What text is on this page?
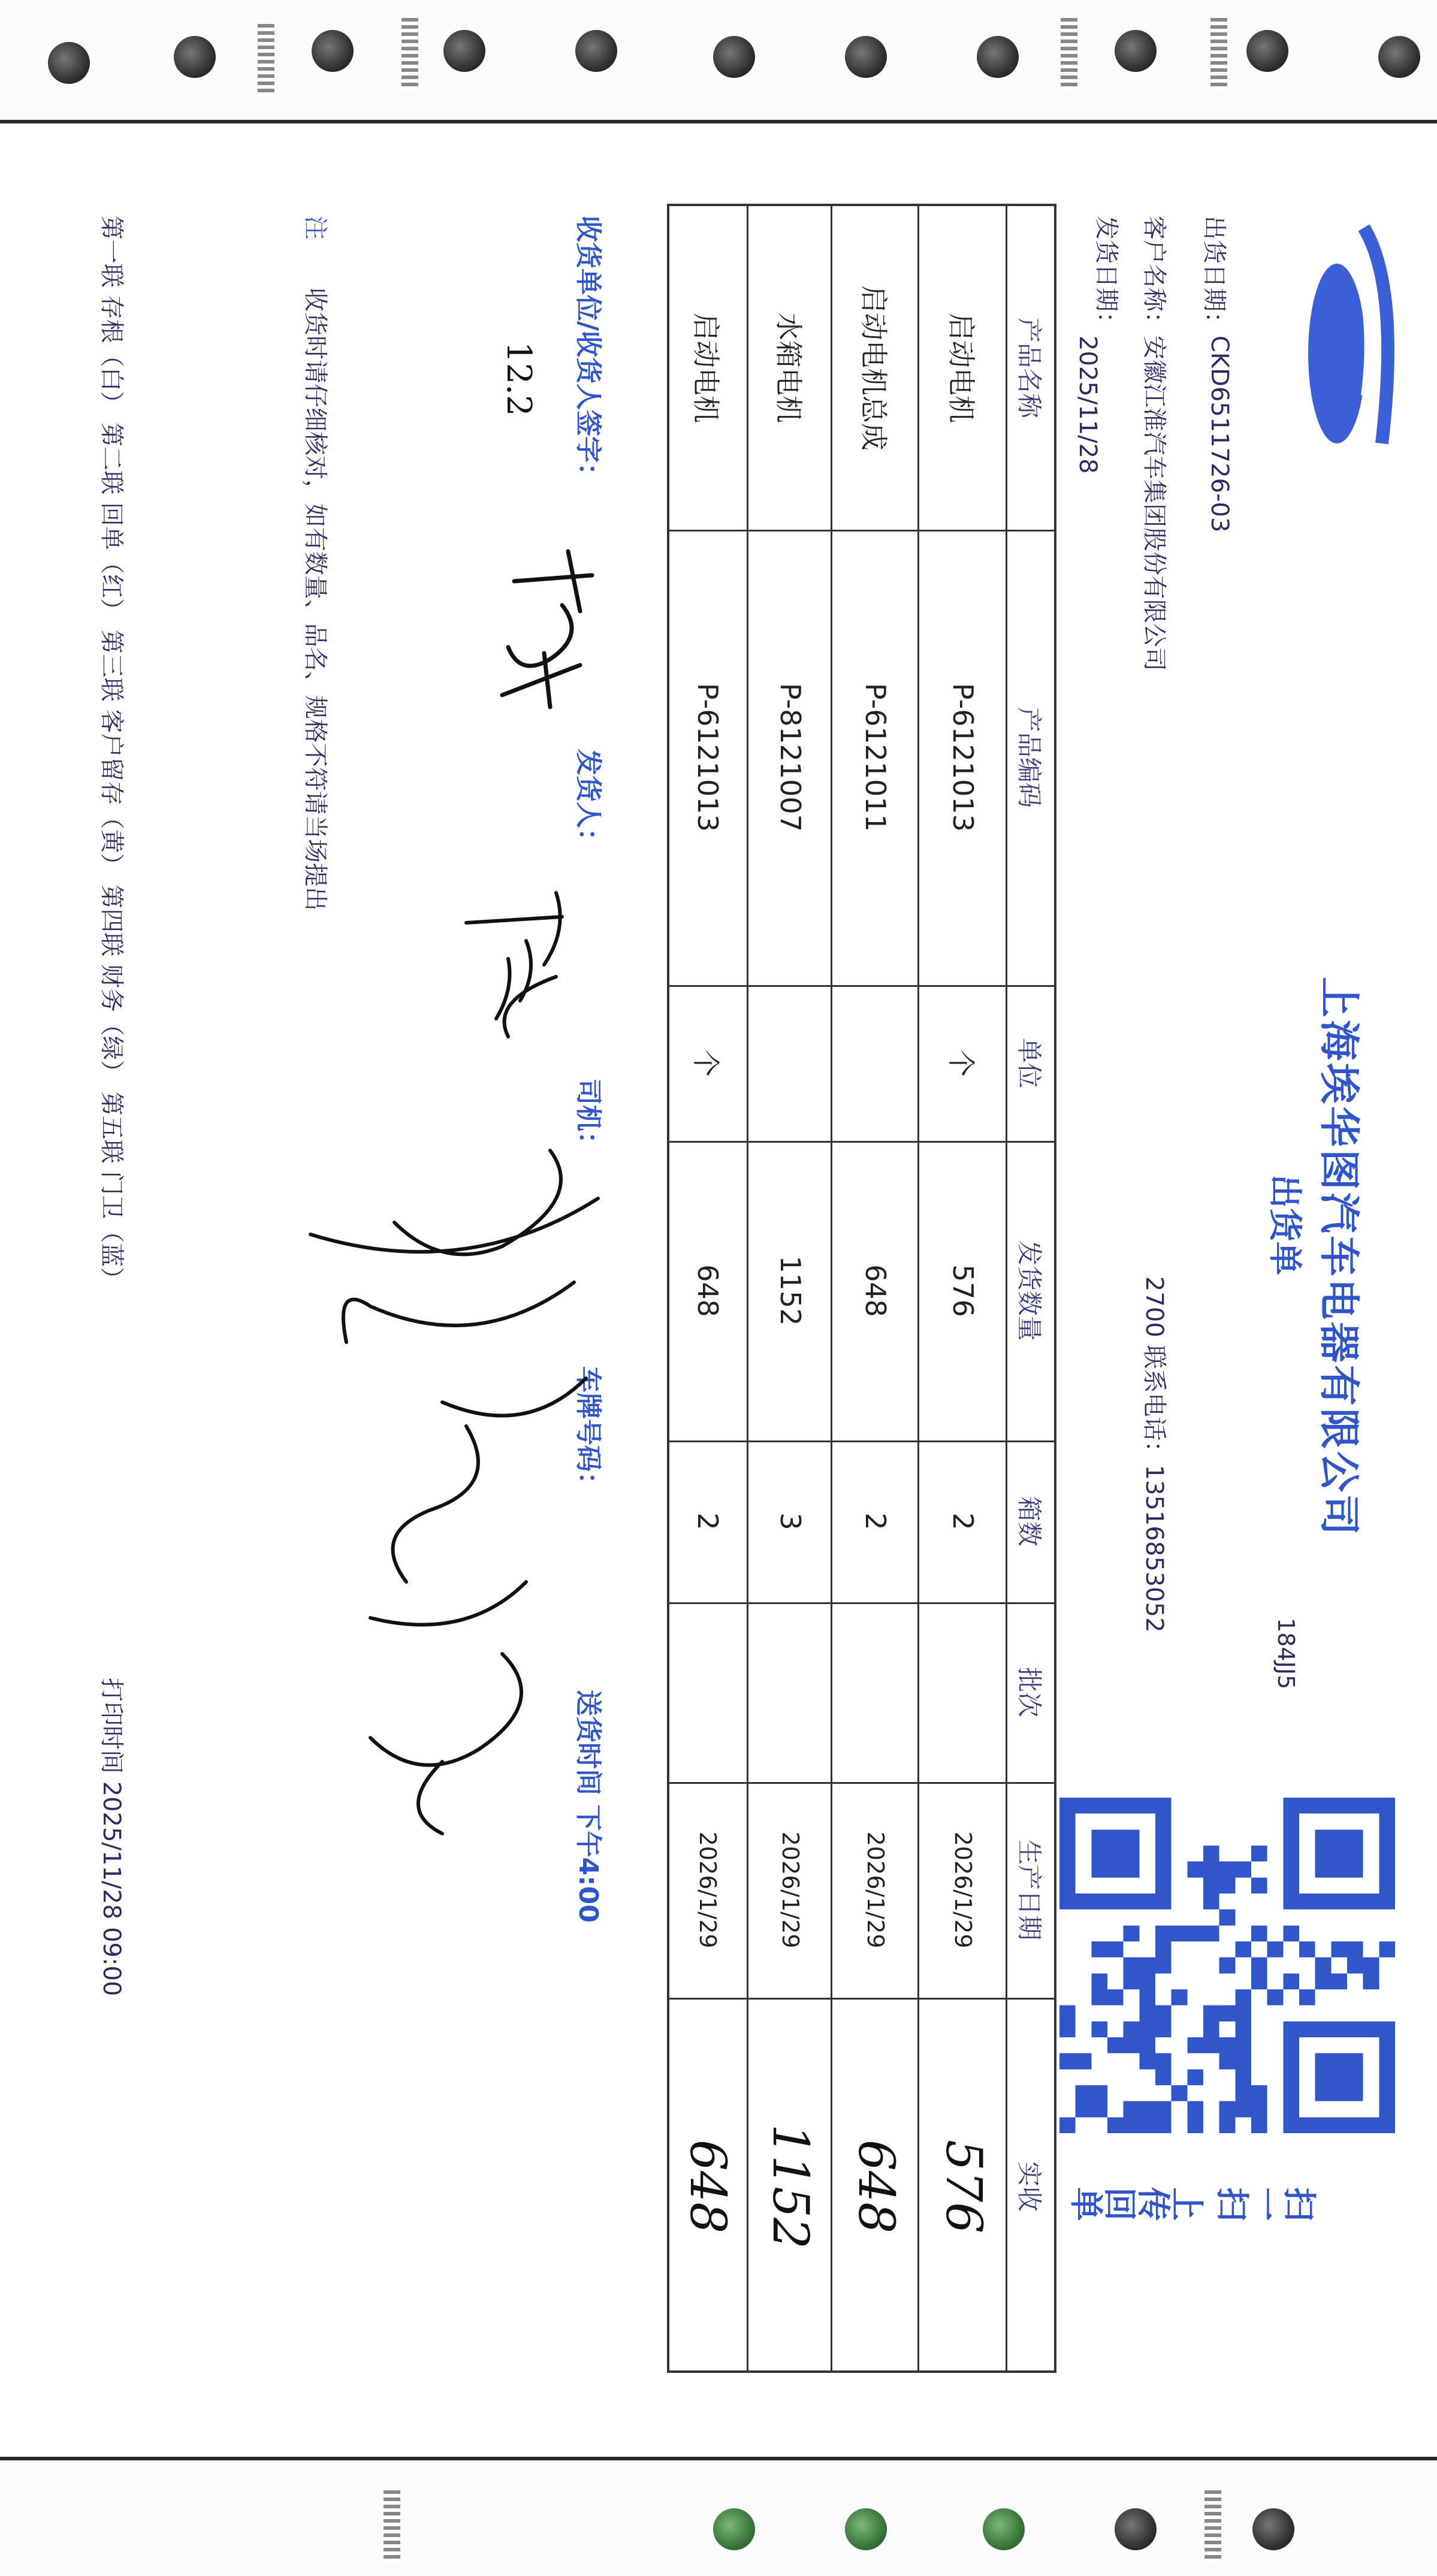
上海埃华图汽车电器有限公司
出货单
184JJ5
扫一扫 上传回单
出货日期：
CKD6511726-03
客户名称：
安徽江淮汽车集团股份有限公司
2700 联系电话：13516853052
发货日期：
2025/11/28
产品名称
产品编码
单位
发货数量
箱数
批次
生产日期
实收
启动电机
P-6121013
个
576
2
2026/1/29
576
启动电机总成
P-6121011
648
2
2026/1/29
648
水箱电机
P-8121007
1152
3
2026/1/29
1152
启动电机
P-6121013
个
648
2
2026/1/29
648
收货单位/收货人签字：
12.2
发货人：
司机：
车牌号码：
送货时间 下午4:00
注
收货时请仔细核对，如有数量、品名、规格不符请当场提出
第一联 存根（白） 第二联 回单（红） 第三联 客户留存（黄） 第四联 财务（绿） 第五联 门卫（蓝）
打印时间 2025/11/28 09:00
